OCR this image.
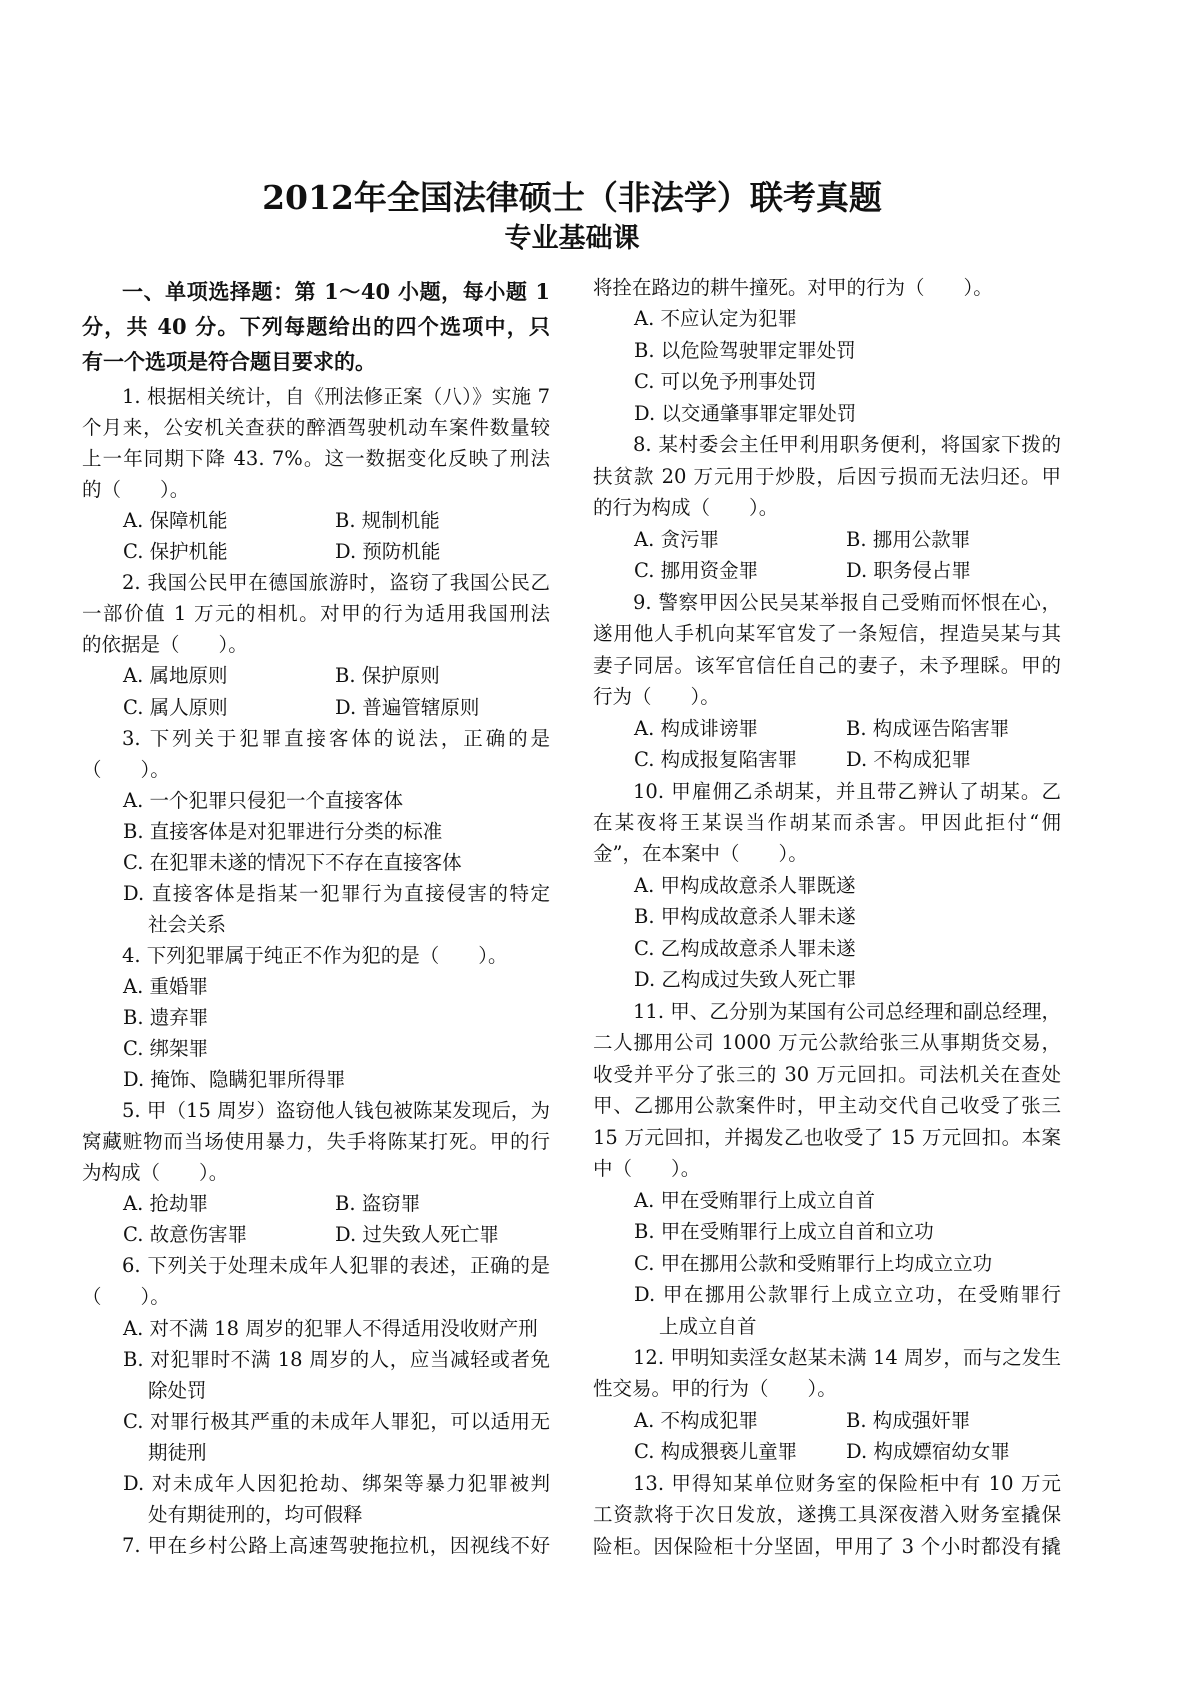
2012年全国法律硕士（非法学）联考真题
专业基础课
一、单项选择题：第 1～40 小题，每小题 1
分，共 40 分。下列每题给出的四个选项中，只
有一个选项是符合题目要求的。
1. 根据相关统计，自《刑法修正案（八）》实施 7
个月来，公安机关查获的醉酒驾驶机动车案件数量较
上一年同期下降 43. 7%。这一数据变化反映了刑法
的（　　）。
A. 保障机能	B. 规制机能
C. 保护机能	D. 预防机能
2. 我国公民甲在德国旅游时，盗窃了我国公民乙
一部价值 1 万元的相机。对甲的行为适用我国刑法
的依据是（　　）。
A. 属地原则	B. 保护原则
C. 属人原则	D. 普遍管辖原则
3. 下列关于犯罪直接客体的说法，正确的是
（　　）。
A. 一个犯罪只侵犯一个直接客体
B. 直接客体是对犯罪进行分类的标准
C. 在犯罪未遂的情况下不存在直接客体
D. 直接客体是指某一犯罪行为直接侵害的特定
社会关系
4. 下列犯罪属于纯正不作为犯的是（　　）。
A. 重婚罪
B. 遗弃罪
C. 绑架罪
D. 掩饰、隐瞒犯罪所得罪
5. 甲（15 周岁）盗窃他人钱包被陈某发现后，为
窝藏赃物而当场使用暴力，失手将陈某打死。甲的行
为构成（　　）。
A. 抢劫罪	B. 盗窃罪
C. 故意伤害罪	D. 过失致人死亡罪
6. 下列关于处理未成年人犯罪的表述，正确的是
（　　）。
A. 对不满 18 周岁的犯罪人不得适用没收财产刑
B. 对犯罪时不满 18 周岁的人，应当减轻或者免
除处罚
C. 对罪行极其严重的未成年人罪犯，可以适用无
期徒刑
D. 对未成年人因犯抢劫、绑架等暴力犯罪被判
处有期徒刑的，均可假释
7. 甲在乡村公路上高速驾驶拖拉机，因视线不好
将拴在路边的耕牛撞死。对甲的行为（　　）。
A. 不应认定为犯罪
B. 以危险驾驶罪定罪处罚
C. 可以免予刑事处罚
D. 以交通肇事罪定罪处罚
8. 某村委会主任甲利用职务便利，将国家下拨的
扶贫款 20 万元用于炒股，后因亏损而无法归还。甲
的行为构成（　　）。
A. 贪污罪	B. 挪用公款罪
C. 挪用资金罪	D. 职务侵占罪
9. 警察甲因公民吴某举报自己受贿而怀恨在心，
遂用他人手机向某军官发了一条短信，捏造吴某与其
妻子同居。该军官信任自己的妻子，未予理睬。甲的
行为（　　）。
A. 构成诽谤罪	B. 构成诬告陷害罪
C. 构成报复陷害罪	D. 不构成犯罪
10. 甲雇佣乙杀胡某，并且带乙辨认了胡某。乙
在某夜将王某误当作胡某而杀害。甲因此拒付“佣
金”，在本案中（　　）。
A. 甲构成故意杀人罪既遂
B. 甲构成故意杀人罪未遂
C. 乙构成故意杀人罪未遂
D. 乙构成过失致人死亡罪
11. 甲、乙分别为某国有公司总经理和副总经理，
二人挪用公司 1000 万元公款给张三从事期货交易，
收受并平分了张三的 30 万元回扣。司法机关在查处
甲、乙挪用公款案件时，甲主动交代自己收受了张三
15 万元回扣，并揭发乙也收受了 15 万元回扣。本案
中（　　）。
A. 甲在受贿罪行上成立自首
B. 甲在受贿罪行上成立自首和立功
C. 甲在挪用公款和受贿罪行上均成立立功
D. 甲在挪用公款罪行上成立立功，在受贿罪行
上成立自首
12. 甲明知卖淫女赵某未满 14 周岁，而与之发生
性交易。甲的行为（　　）。
A. 不构成犯罪	B. 构成强奸罪
C. 构成猥亵儿童罪	D. 构成嫖宿幼女罪
13. 甲得知某单位财务室的保险柜中有 10 万元
工资款将于次日发放，遂携工具深夜潜入财务室撬保
险柜。因保险柜十分坚固，甲用了 3 个小时都没有撬
